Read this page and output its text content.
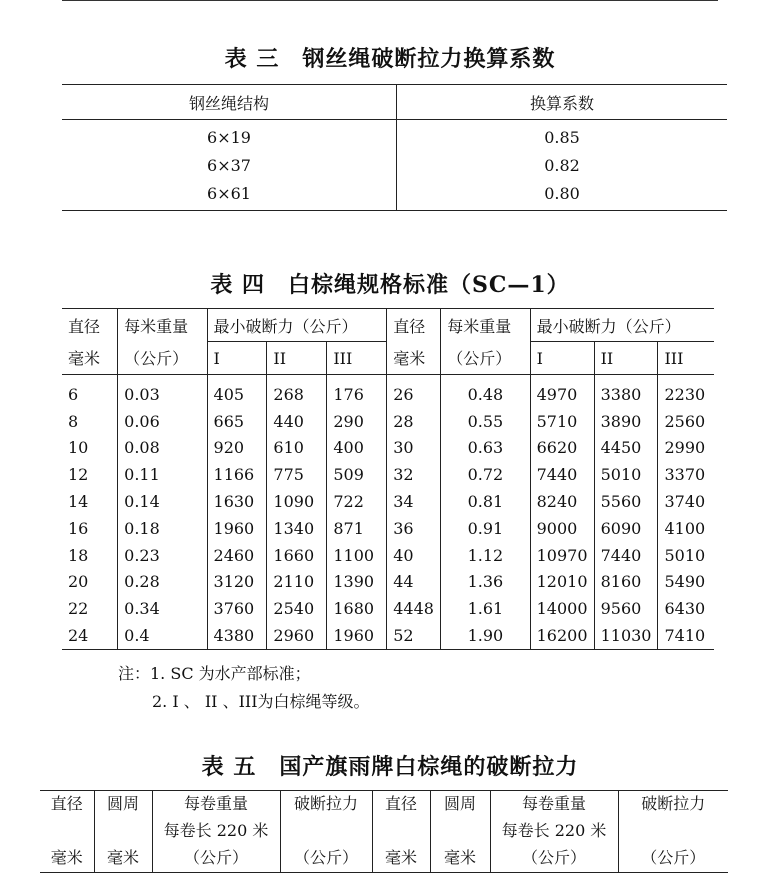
表 三　钢丝绳破断拉力换算系数
钢丝绳结构	换算系数
6×19	0.85
6×37	0.82
6×61	0.80
表 四　白棕绳规格标准（SC—1）
直径	每米重量	最小破断力（公斤）			直径	每米重量	最小破断力（公斤）		
毫米	（公斤）	I	II	III	毫米	（公斤）	I	II	III
6	0.03	405	268	176	26	0.48	4970	3380	2230
8	0.06	665	440	290	28	0.55	5710	3890	2560
10	0.08	920	610	400	30	0.63	6620	4450	2990
12	0.11	1166	775	509	32	0.72	7440	5010	3370
14	0.14	1630	1090	722	34	0.81	8240	5560	3740
16	0.18	1960	1340	871	36	0.91	9000	6090	4100
18	0.23	2460	1660	1100	40	1.12	10970	7440	5010
20	0.28	3120	2110	1390	44	1.36	12010	8160	5490
22	0.34	3760	2540	1680	4448	1.61	14000	9560	6430
24	0.4	4380	2960	1960	52	1.90	16200	11030	7410
注：1. SC 为水产部标准；
2. I 、 II 、III为白棕绳等级。
表 五　国产旗雨牌白棕绳的破断拉力
直径	圆周	每卷重量	破断拉力	直径	圆周	每卷重量	破断拉力
		每卷长 220 米				每卷长 220 米	
毫米	毫米	（公斤）	（公斤）	毫米	毫米	（公斤）	（公斤）
